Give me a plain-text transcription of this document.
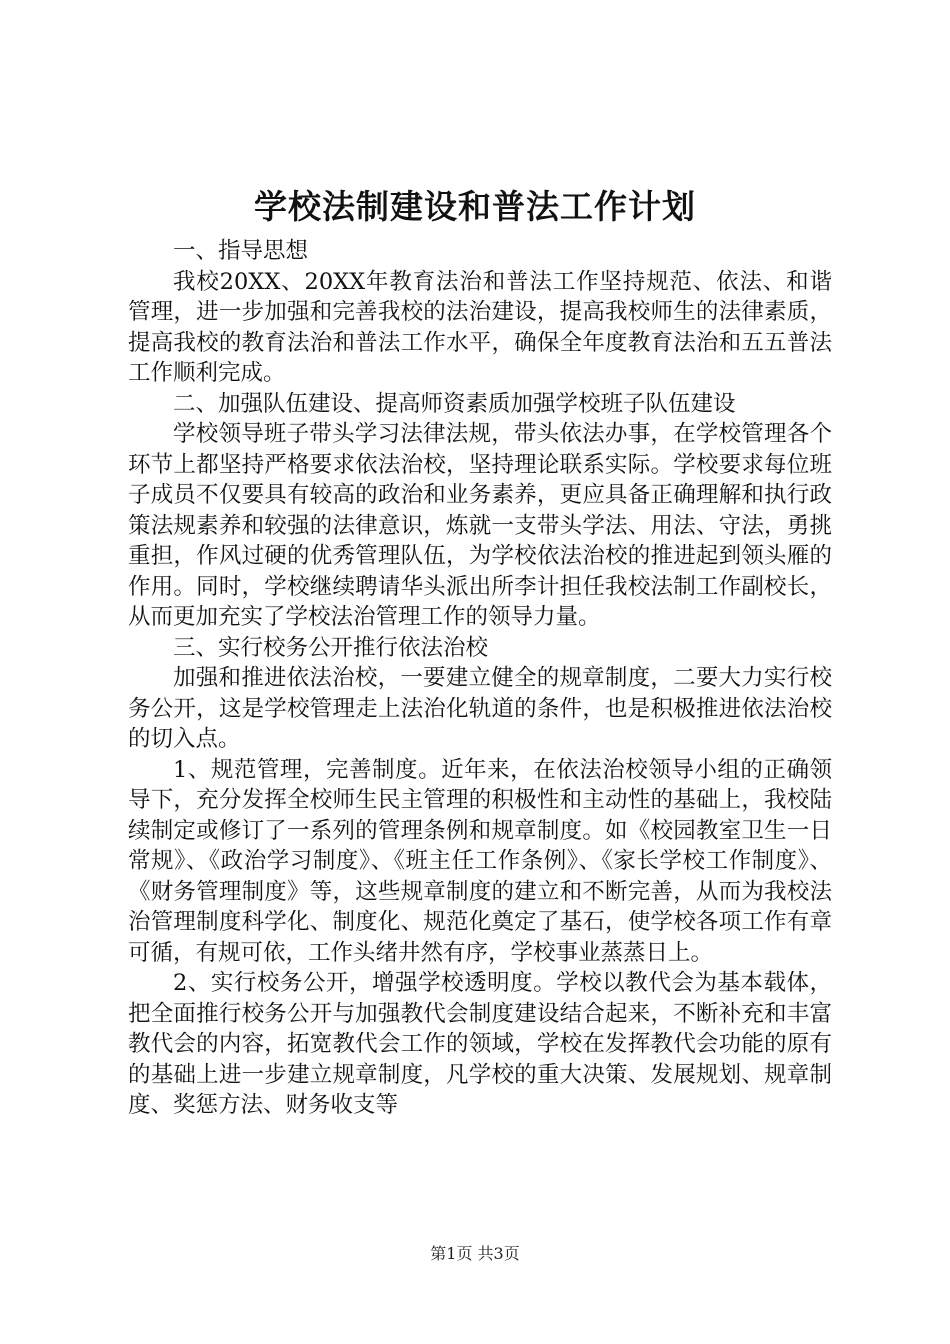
学校法制建设和普法工作计划

一、指导思想

我校20XX、20XX年教育法治和普法工作坚持规范、依法、和谐管理，进一步加强和完善我校的法治建设，提高我校师生的法律素质，提高我校的教育法治和普法工作水平，确保全年度教育法治和五五普法工作顺利完成。

二、加强队伍建设、提高师资素质加强学校班子队伍建设

学校领导班子带头学习法律法规，带头依法办事，在学校管理各个环节上都坚持严格要求依法治校，坚持理论联系实际。学校要求每位班子成员不仅要具有较高的政治和业务素养，更应具备正确理解和执行政策法规素养和较强的法律意识，炼就一支带头学法、用法、守法，勇挑重担，作风过硬的优秀管理队伍，为学校依法治校的推进起到领头雁的作用。同时，学校继续聘请华头派出所李计担任我校法制工作副校长，从而更加充实了学校法治管理工作的领导力量。

三、实行校务公开推行依法治校

加强和推进依法治校，一要建立健全的规章制度，二要大力实行校务公开，这是学校管理走上法治化轨道的条件，也是积极推进依法治校的切入点。

1、规范管理，完善制度。近年来，在依法治校领导小组的正确领导下，充分发挥全校师生民主管理的积极性和主动性的基础上，我校陆续制定或修订了一系列的管理条例和规章制度。如《校园教室卫生一日常规》、《政治学习制度》、《班主任工作条例》、《家长学校工作制度》、《财务管理制度》等，这些规章制度的建立和不断完善，从而为我校法治管理制度科学化、制度化、规范化奠定了基石，使学校各项工作有章可循，有规可依，工作头绪井然有序，学校事业蒸蒸日上。

2、实行校务公开，增强学校透明度。学校以教代会为基本载体，把全面推行校务公开与加强教代会制度建设结合起来，不断补充和丰富教代会的内容，拓宽教代会工作的领域，学校在发挥教代会功能的原有的基础上进一步建立规章制度，凡学校的重大决策、发展规划、规章制度、奖惩方法、财务收支等

第1页 共3页
